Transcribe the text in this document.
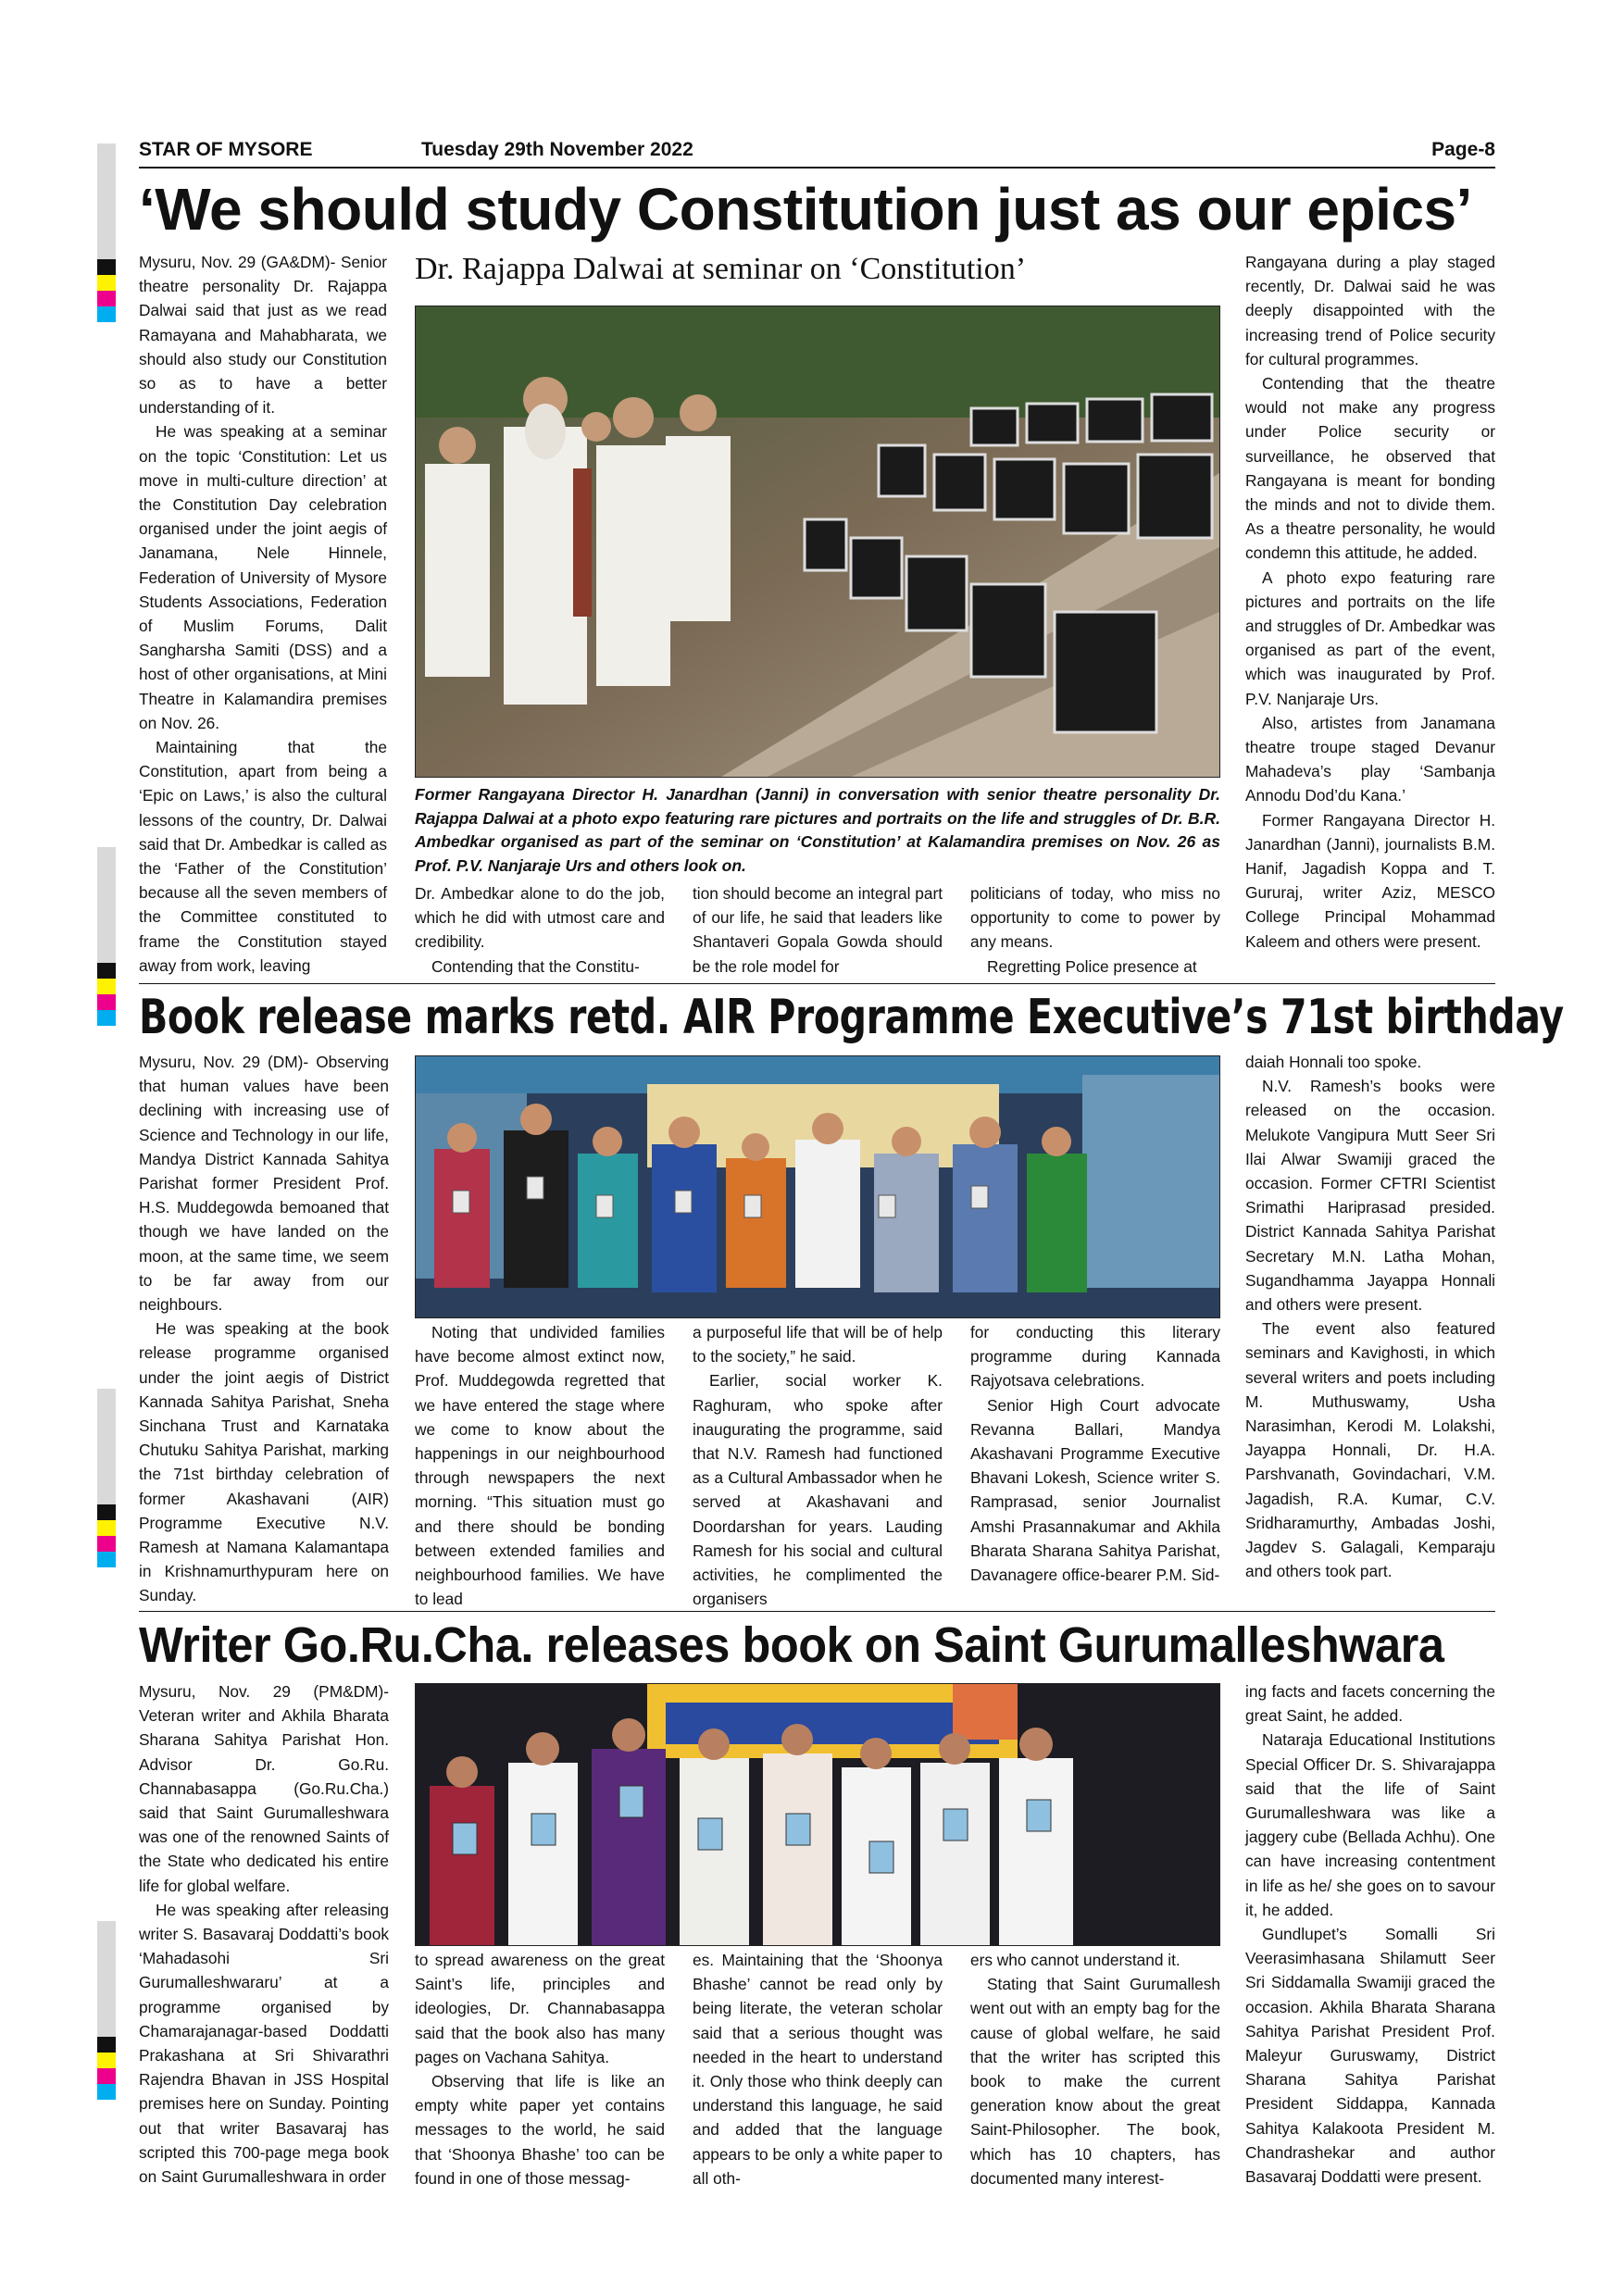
STAR OF MYSORE	Tuesday 29th November 2022	Page-8
‘We should study Constitution just as our epics’

Mysuru, Nov. 29 (GA&DM)- Senior theatre personality Dr. Rajappa Dalwai said that just as we read Ramayana and Mahabharata, we should also study our Constitution so as to have a better understanding of it.

He was speaking at a seminar on the topic ‘Constitution: Let us move in multi-culture direction’ at the Constitution Day celebration organised under the joint aegis of Janamana, Nele Hinnele, Federation of University of Mysore Students Associations, Federation of Muslim Forums, Dalit Sangharsha Samiti (DSS) and a host of other organisations, at Mini Theatre in Kalamandira premises on Nov. 26.

Maintaining that the Constitution, apart from being a ‘Epic on Laws,’ is also the cultural lessons of the country, Dr. Dalwai said that Dr. Ambedkar is called as the ‘Father of the Constitution’ because all the seven members of the Committee constituted to frame the Constitution stayed away from work, leaving

Dr. Rajappa Dalwai at seminar on ‘Constitution’
Former Rangayana Director H. Janardhan (Janni) in conversation with senior theatre personality Dr. Rajappa Dalwai at a photo expo featuring rare pictures and portraits on the life and struggles of Dr. B.R. Ambedkar organised as part of the seminar on ‘Constitution’ at Kalamandira premises on Nov. 26 as Prof. P.V. Nanjaraje Urs and others look on.

Dr. Ambedkar alone to do the job, which he did with utmost care and credibility.

Contending that the Constitu-

tion should become an integral part of our life, he said that leaders like Shantaveri Gopala Gowda should be the role model for

politicians of today, who miss no opportunity to come to power by any means.

Regretting Police presence at

Rangayana during a play staged recently, Dr. Dalwai said he was deeply disappointed with the increasing trend of Police security for cultural programmes.

Contending that the theatre would not make any progress under Police security or surveillance, he observed that Rangayana is meant for bonding the minds and not to divide them. As a theatre personality, he would condemn this attitude, he added.

A photo expo featuring rare pictures and portraits on the life and struggles of Dr. Ambedkar was organised as part of the event, which was inaugurated by Prof. P.V. Nanjaraje Urs.

Also, artistes from Janamana theatre troupe staged Devanur Mahadeva’s play ‘Sambanja Annodu Dod’du Kana.’

Former Rangayana Director H. Janardhan (Janni), journalists B.M. Hanif, Jagadish Koppa and T. Gururaj, writer Aziz, MESCO College Principal Mohammad Kaleem and others were present.

Book release marks retd. AIR Programme Executive’s 71st birthday

Mysuru, Nov. 29 (DM)- Observing that human values have been declining with increasing use of Science and Technology in our life, Mandya District Kannada Sahitya Parishat former President Prof. H.S. Muddegowda bemoaned that though we have landed on the moon, at the same time, we seem to be far away from our neighbours.

He was speaking at the book release programme organised under the joint aegis of District Kannada Sahitya Parishat, Sneha Sinchana Trust and Karnataka Chutuku Sahitya Parishat, marking the 71st birthday celebration of former Akashavani (AIR) Programme Executive N.V. Ramesh at Namana Kalamantapa in Krishnamurthypuram here on Sunday.

Noting that undivided families have become almost extinct now, Prof. Muddegowda regretted that we have entered the stage where we come to know about the happenings in our neighbourhood through newspapers the next morning. “This situation must go and there should be bonding between extended families and neighbourhood families. We have to lead

a purposeful life that will be of help to the society,” he said.

Earlier, social worker K. Raghuram, who spoke after inaugurating the programme, said that N.V. Ramesh had functioned as a Cultural Ambassador when he served at Akashavani and Doordarshan for years. Lauding Ramesh for his social and cultural activities, he complimented the organisers

for conducting this literary programme during Kannada Rajyotsava celebrations.

Senior High Court advocate Revanna Ballari, Mandya Akashavani Programme Executive Bhavani Lokesh, Science writer S. Ramprasad, senior Journalist Amshi Prasannakumar and Akhila Bharata Sharana Sahitya Parishat, Davanagere office-bearer P.M. Sid-

daiah Honnali too spoke.

N.V. Ramesh’s books were released on the occasion. Melukote Vangipura Mutt Seer Sri Ilai Alwar Swamiji graced the occasion. Former CFTRI Scientist Srimathi Hariprasad presided. District Kannada Sahitya Parishat Secretary M.N. Latha Mohan, Sugandhamma Jayappa Honnali and others were present.

The event also featured seminars and Kavighosti, in which several writers and poets including M. Muthuswamy, Usha Narasimhan, Kerodi M. Lolakshi, Jayappa Honnali, Dr. H.A. Parshvanath, Govindachari, V.M. Jagadish, R.A. Kumar, C.V. Sridharamurthy, Ambadas Joshi, Jagdev S. Galagali, Kemparaju and others took part.

Writer Go.Ru.Cha. releases book on Saint Gurumalleshwara

Mysuru, Nov. 29 (PM&DM)- Veteran writer and Akhila Bharata Sharana Sahitya Parishat Hon. Advisor Dr. Go.Ru. Channabasappa (Go.Ru.Cha.) said that Saint Gurumalleshwara was one of the renowned Saints of the State who dedicated his entire life for global welfare.

He was speaking after releasing writer S. Basavaraj Doddatti’s book ‘Mahadasohi Sri Gurumalleshwararu’ at a programme organised by Chamarajanagar-based Doddatti Prakashana at Sri Shivarathri Rajendra Bhavan in JSS Hospital premises here on Sunday. Pointing out that writer Basavaraj has scripted this 700-page mega book on Saint Gurumalleshwara in order

to spread awareness on the great Saint’s life, principles and ideologies, Dr. Channabasappa said that the book also has many pages on Vachana Sahitya.

Observing that life is like an empty white paper yet contains messages to the world, he said that ‘Shoonya Bhashe’ too can be found in one of those messag-

es. Maintaining that the ‘Shoonya Bhashe’ cannot be read only by being literate, the veteran scholar said that a serious thought was needed in the heart to understand it. Only those who think deeply can understand this language, he said and added that the language appears to be only a white paper to all oth-

ers who cannot understand it.

Stating that Saint Gurumallesh went out with an empty bag for the cause of global welfare, he said that the writer has scripted this book to make the current generation know about the great Saint-Philosopher. The book, which has 10 chapters, has documented many interest-

ing facts and facets concerning the great Saint, he added.

Nataraja Educational Institutions Special Officer Dr. S. Shivarajappa said that the life of Saint Gurumalleshwara was like a jaggery cube (Bellada Achhu). One can have increasing contentment in life as he/ she goes on to savour it, he added.

Gundlupet’s Somalli Sri Veerasimhasana Shilamutt Seer Sri Siddamalla Swamiji graced the occasion. Akhila Bharata Sharana Sahitya Parishat President Prof. Maleyur Guruswamy, District Sharana Sahitya Parishat President Siddappa, Kannada Sahitya Kalakoota President M. Chandrashekar and author Basavaraj Doddatti were present.
